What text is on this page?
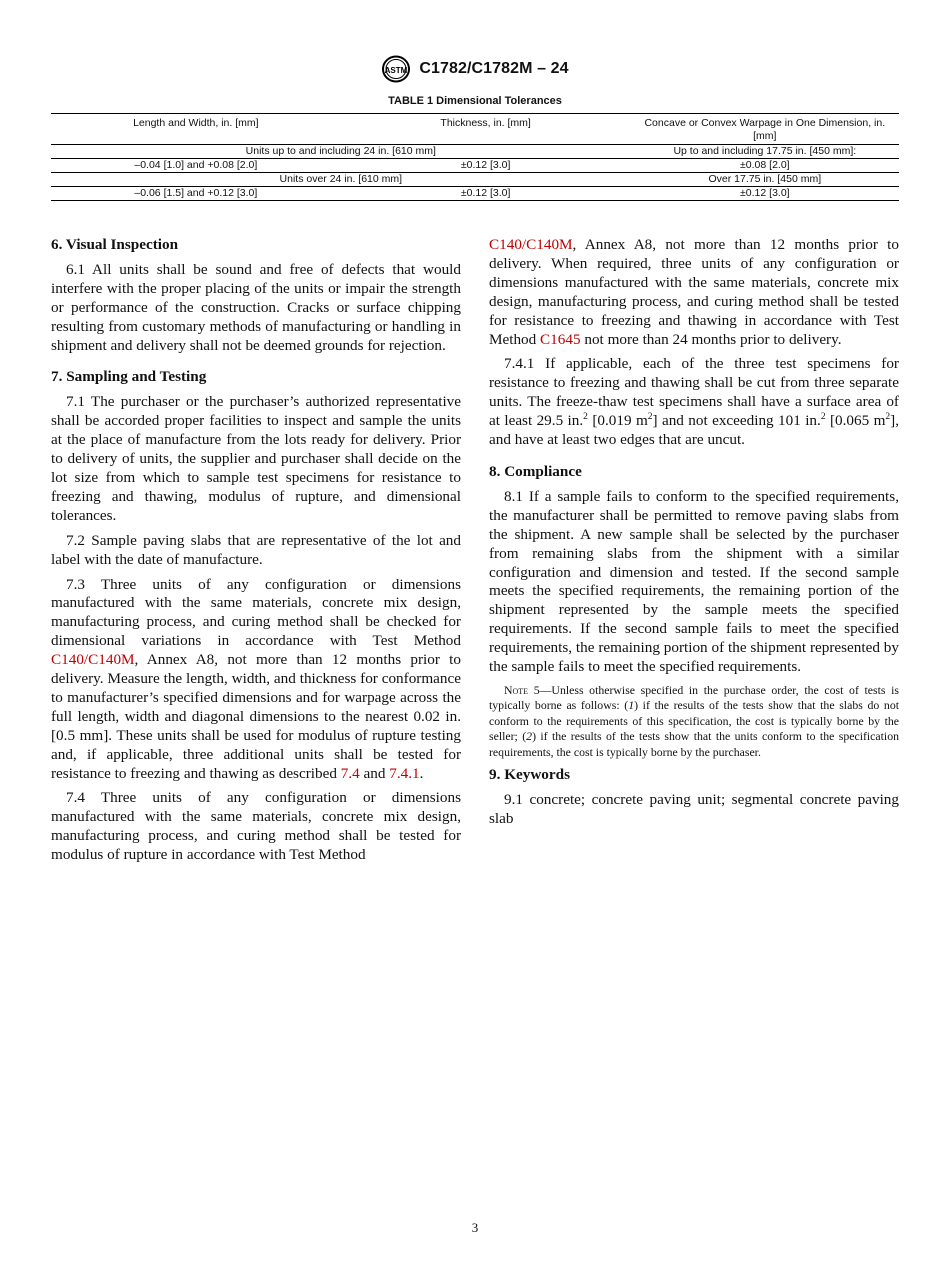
ASTM C1782/C1782M – 24
TABLE 1 Dimensional Tolerances
Length and Width, in. [mm]	Thickness, in. [mm]	Concave or Convex Warpage in One Dimension, in. [mm]
Units up to and including 24 in. [610 mm]		Up to and including 17.75 in. [450 mm]:
–0.04 [1.0] and +0.08 [2.0]	±0.12 [3.0]	±0.08 [2.0]
Units over 24 in. [610 mm]		Over 17.75 in. [450 mm]
–0.06 [1.5] and +0.12 [3.0]	±0.12 [3.0]	±0.12 [3.0]
6. Visual Inspection

6.1 All units shall be sound and free of defects that would interfere with the proper placing of the units or impair the strength or performance of the construction. Cracks or surface chipping resulting from customary methods of manufacturing or handling in shipment and delivery shall not be deemed grounds for rejection.

7. Sampling and Testing

7.1 The purchaser or the purchaser’s authorized representative shall be accorded proper facilities to inspect and sample the units at the place of manufacture from the lots ready for delivery. Prior to delivery of units, the supplier and purchaser shall decide on the lot size from which to sample test specimens for resistance to freezing and thawing, modulus of rupture, and dimensional tolerances.

7.2 Sample paving slabs that are representative of the lot and label with the date of manufacture.

7.3 Three units of any configuration or dimensions manufactured with the same materials, concrete mix design, manufacturing process, and curing method shall be checked for dimensional variations in accordance with Test Method C140/C140M, Annex A8, not more than 12 months prior to delivery. Measure the length, width, and thickness for conformance to manufacturer’s specified dimensions and for warpage across the full length, width and diagonal dimensions to the nearest 0.02 in. [0.5 mm]. These units shall be used for modulus of rupture testing and, if applicable, three additional units shall be tested for resistance to freezing and thawing as described 7.4 and 7.4.1.

7.4 Three units of any configuration or dimensions manufactured with the same materials, concrete mix design, manufacturing process, and curing method shall be tested for modulus of rupture in accordance with Test Method

C140/C140M, Annex A8, not more than 12 months prior to delivery. When required, three units of any configuration or dimensions manufactured with the same materials, concrete mix design, manufacturing process, and curing method shall be tested for resistance to freezing and thawing in accordance with Test Method C1645 not more than 24 months prior to delivery.

7.4.1 If applicable, each of the three test specimens for resistance to freezing and thawing shall be cut from three separate units. The freeze-thaw test specimens shall have a surface area of at least 29.5 in.$^2$ [0.019 $m^2$] and not exceeding 101 in.$^2$ [0.065 $m^2$], and have at least two edges that are uncut.

8. Compliance

8.1 If a sample fails to conform to the specified requirements, the manufacturer shall be permitted to remove paving slabs from the shipment. A new sample shall be selected by the purchaser from remaining slabs from the shipment with a similar configuration and dimension and tested. If the second sample meets the specified requirements, the remaining portion of the shipment represented by the sample meets the specified requirements. If the second sample fails to meet the specified requirements, the remaining portion of the shipment represented by the sample fails to meet the specified requirements.

Note 5—Unless otherwise specified in the purchase order, the cost of tests is typically borne as follows: (1) if the results of the tests show that the slabs do not conform to the requirements of this specification, the cost is typically borne by the seller; (2) if the results of the tests show that the units conform to the specification requirements, the cost is typically borne by the purchaser.

9. Keywords

9.1 concrete; concrete paving unit; segmental concrete paving slab

3
